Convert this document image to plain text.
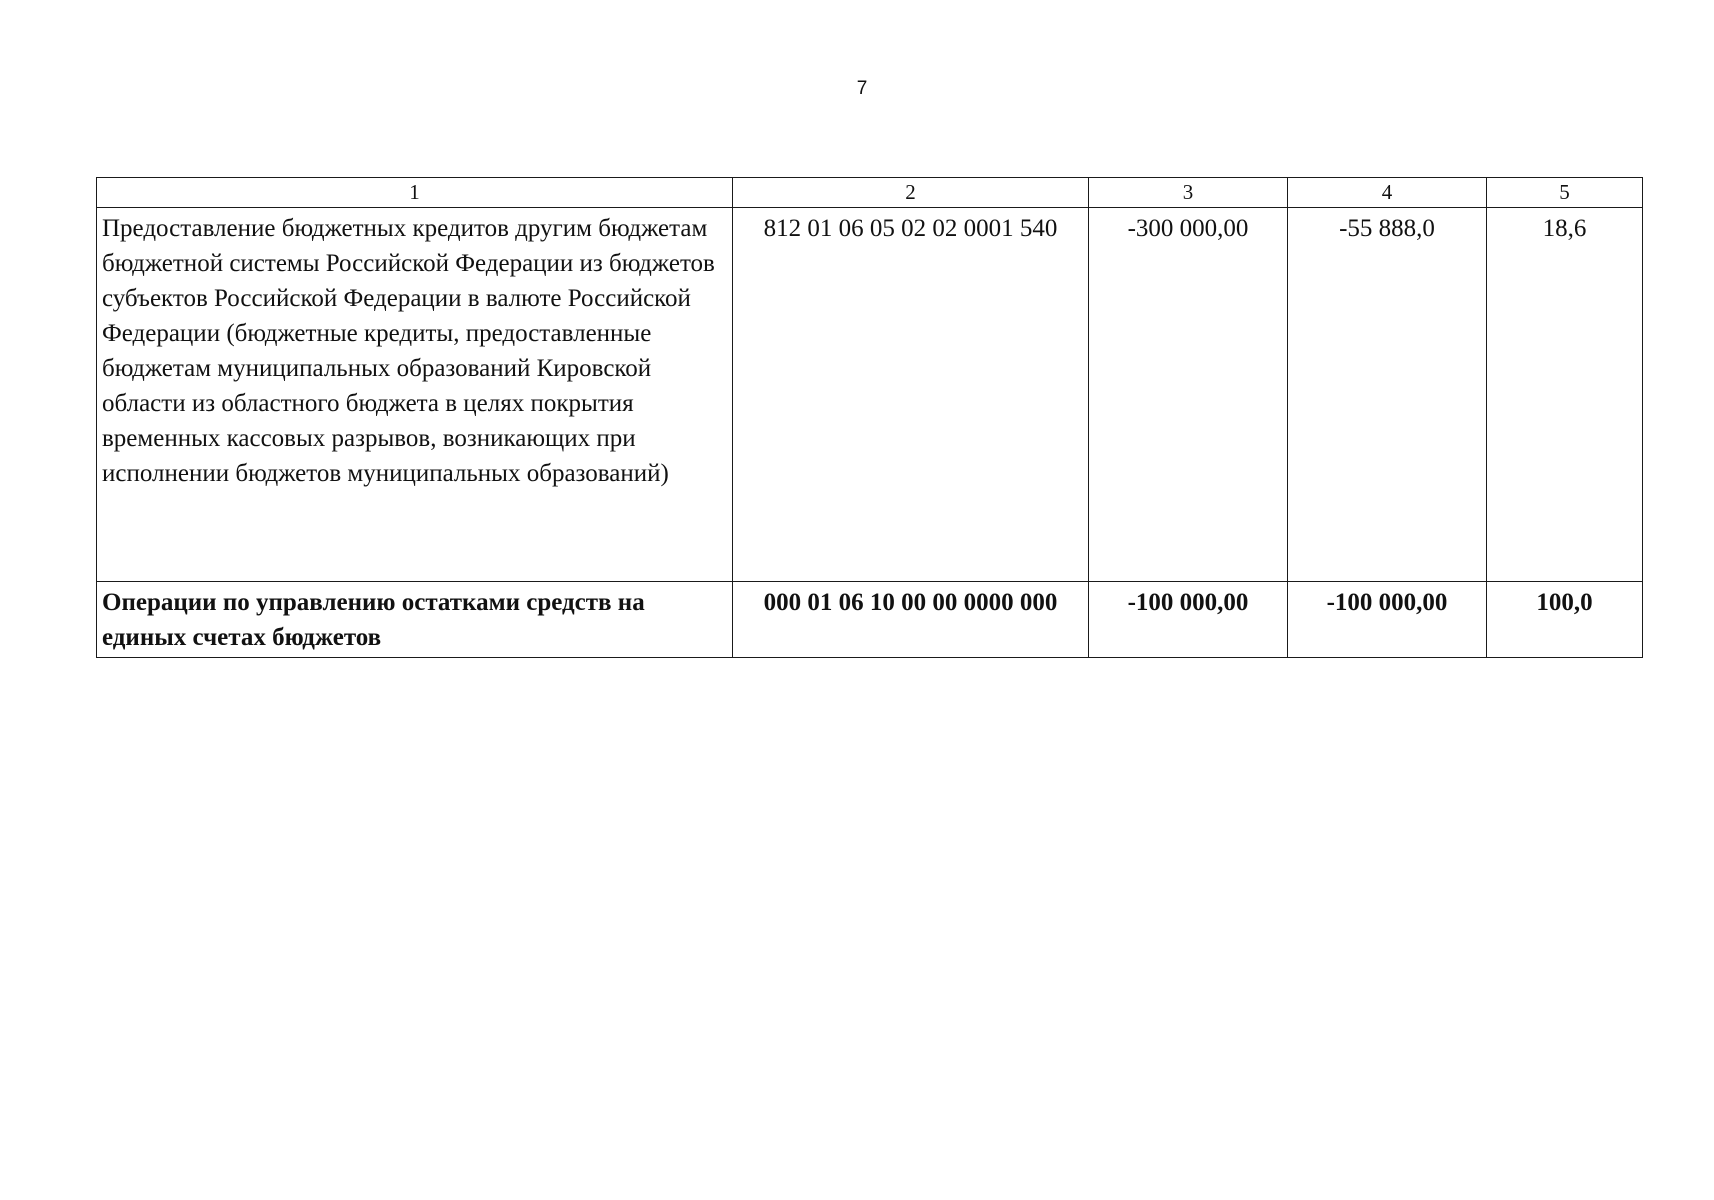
7
1	2	3	4	5
Предоставление бюджетных кредитов другим бюджетам бюджетной системы Российской Федерации из бюджетов субъектов Российской Федерации в валюте Российской Федерации (бюджетные кредиты, предоставленные бюджетам муниципальных образований Кировской области из областного бюджета в целях покрытия временных кассовых разрывов, возникающих при исполнении бюджетов муниципальных образований)	812 01 06 05 02 02 0001 540	-300 000,00	-55 888,0	18,6
Операции по управлению остатками средств на единых счетах бюджетов	000 01 06 10 00 00 0000 000	-100 000,00	-100 000,00	100,0
